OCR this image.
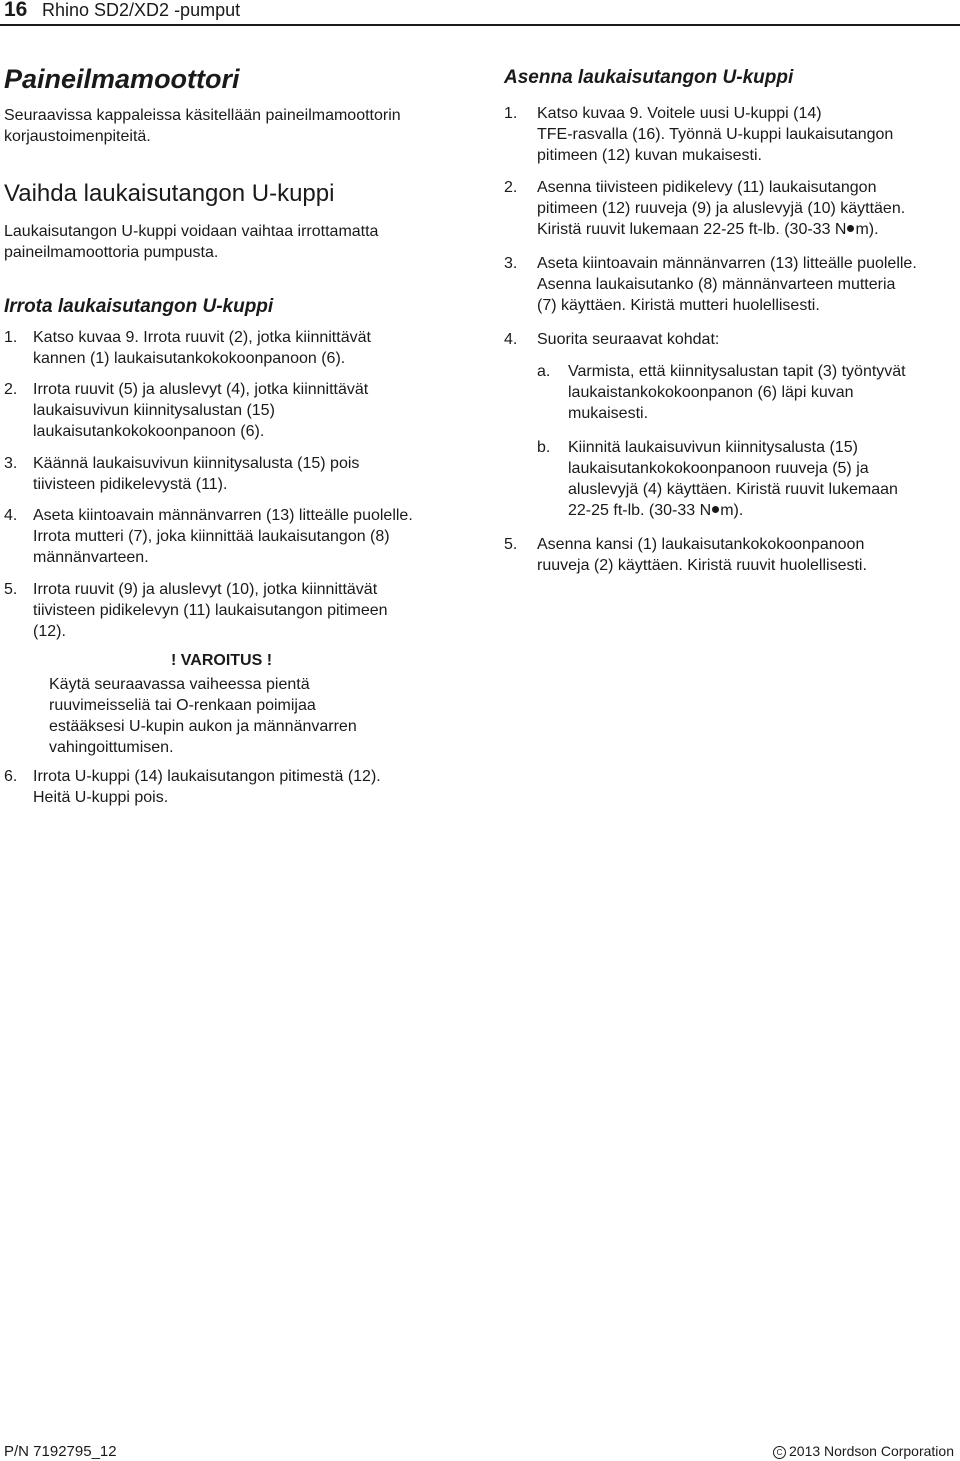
16 Rhino SD2/XD2 -pumput
Paineilmamoottori
Seuraavissa kappaleissa käsitellään paineilmamoottorin
korjaustoimenpiteitä.
Vaihda laukaisutangon U-kuppi
Laukaisutangon U-kuppi voidaan vaihtaa irrottamatta
paineilmamoottoria pumpusta.
Irrota laukaisutangon U-kuppi
1. Katso kuvaa 9. Irrota ruuvit (2), jotka kiinnittävät
kannen (1) laukaisutankokokoonpanoon (6).
2. Irrota ruuvit (5) ja aluslevyt (4), jotka kiinnittävät
laukaisuvivun kiinnitysalustan (15)
laukaisutankokokoonpanoon (6).
3. Käännä laukaisuvivun kiinnitysalusta (15) pois
tiivisteen pidikelevystä (11).
4. Aseta kiintoavain männänvarren (13) litteälle puolelle.
Irrota mutteri (7), joka kiinnittää laukaisutangon (8)
männänvarteen.
5. Irrota ruuvit (9) ja aluslevyt (10), jotka kiinnittävät
tiivisteen pidikelevyn (11) laukaisutangon pitimeen
(12).
! VAROITUS !
Käytä seuraavassa vaiheessa pientä
ruuvimeisseliä tai O-renkaan poimijaa
estääksesi U-kupin aukon ja männänvarren
vahingoittumisen.
6. Irrota U-kuppi (14) laukaisutangon pitimestä (12).
Heitä U-kuppi pois.
Asenna laukaisutangon U-kuppi
1. Katso kuvaa 9. Voitele uusi U-kuppi (14)
TFE-rasvalla (16). Työnnä U-kuppi laukaisutangon
pitimeen (12) kuvan mukaisesti.
2. Asenna tiivisteen pidikelevy (11) laukaisutangon
pitimeen (12) ruuveja (9) ja aluslevyjä (10) käyttäen.
Kiristä ruuvit lukemaan 22-25 ft-lb. (30-33 N m).
3. Aseta kiintoavain männänvarren (13) litteälle puolelle.
Asenna laukaisutanko (8) männänvarteen mutteria
(7) käyttäen. Kiristä mutteri huolellisesti.
4. Suorita seuraavat kohdat:
a. Varmista, että kiinnitysalustan tapit (3) työntyvät
laukaistankokokoonpanon (6) läpi kuvan
mukaisesti.
b. Kiinnitä laukaisuvivun kiinnitysalusta (15)
laukaisutankokokoonpanoon ruuveja (5) ja
aluslevyjä (4) käyttäen. Kiristä ruuvit lukemaan
22-25 ft-lb. (30-33 N m).
5. Asenna kansi (1) laukaisutankokokoonpanoon
ruuveja (2) käyttäen. Kiristä ruuvit huolellisesti.
P/N 7192795_12	C 2013 Nordson Corporation
